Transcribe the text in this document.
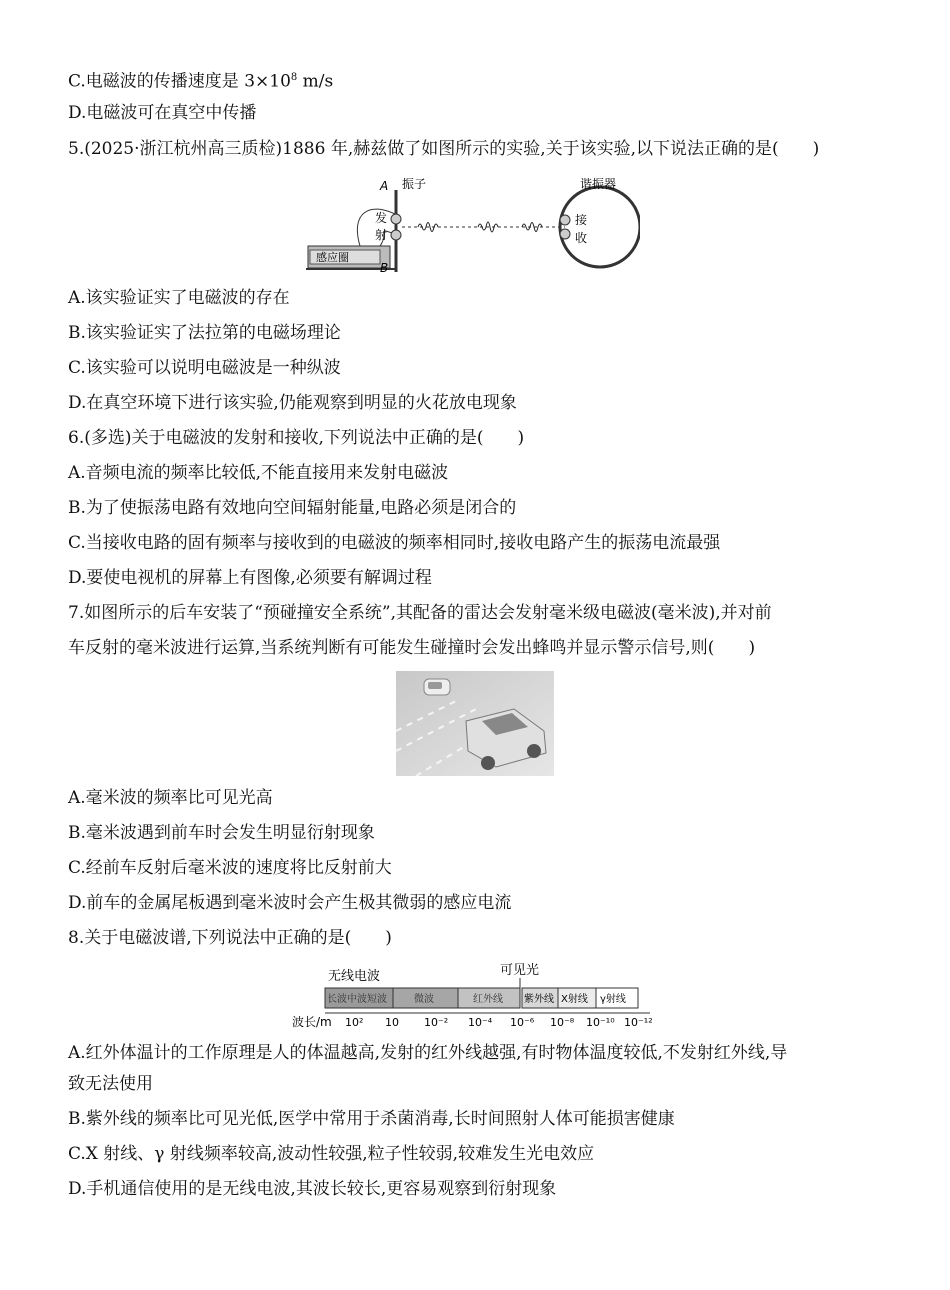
C.电磁波的传播速度是 $3\times 10^8$ m/s
D.电磁波可在真空中传播
5.(2025·浙江杭州高三质检)1886 年,赫兹做了如图所示的实验,关于该实验,以下说法正确的是(　　)
感应圈
A
B
振子
发
射
谐振器
接
收
A.该实验证实了电磁波的存在
B.该实验证实了法拉第的电磁场理论
C.该实验可以说明电磁波是一种纵波
D.在真空环境下进行该实验,仍能观察到明显的火花放电现象
6.(多选)关于电磁波的发射和接收,下列说法中正确的是(　　)
A.音频电流的频率比较低,不能直接用来发射电磁波
B.为了使振荡电路有效地向空间辐射能量,电路必须是闭合的
C.当接收电路的固有频率与接收到的电磁波的频率相同时,接收电路产生的振荡电流最强
D.要使电视机的屏幕上有图像,必须要有解调过程
7.如图所示的后车安装了“预碰撞安全系统”,其配备的雷达会发射毫米级电磁波(毫米波),并对前
车反射的毫米波进行运算,当系统判断有可能发生碰撞时会发出蜂鸣并显示警示信号,则(　　)
A.毫米波的频率比可见光高
B.毫米波遇到前车时会发生明显衍射现象
C.经前车反射后毫米波的速度将比反射前大
D.前车的金属尾板遇到毫米波时会产生极其微弱的感应电流
8.关于电磁波谱,下列说法中正确的是(　　)
无线电波	可见光
长波中波短波	微波	红外线 紫外线 X射线 γ射线
波长/m 10² 10 10⁻² 10⁻⁴ 10⁻⁶ 10⁻⁸ 10⁻¹⁰ 10⁻¹²
A.红外体温计的工作原理是人的体温越高,发射的红外线越强,有时物体温度较低,不发射红外线,导
致无法使用
B.紫外线的频率比可见光低,医学中常用于杀菌消毒,长时间照射人体可能损害健康
C.X 射线、γ 射线频率较高,波动性较强,粒子性较弱,较难发生光电效应
D.手机通信使用的是无线电波,其波长较长,更容易观察到衍射现象
